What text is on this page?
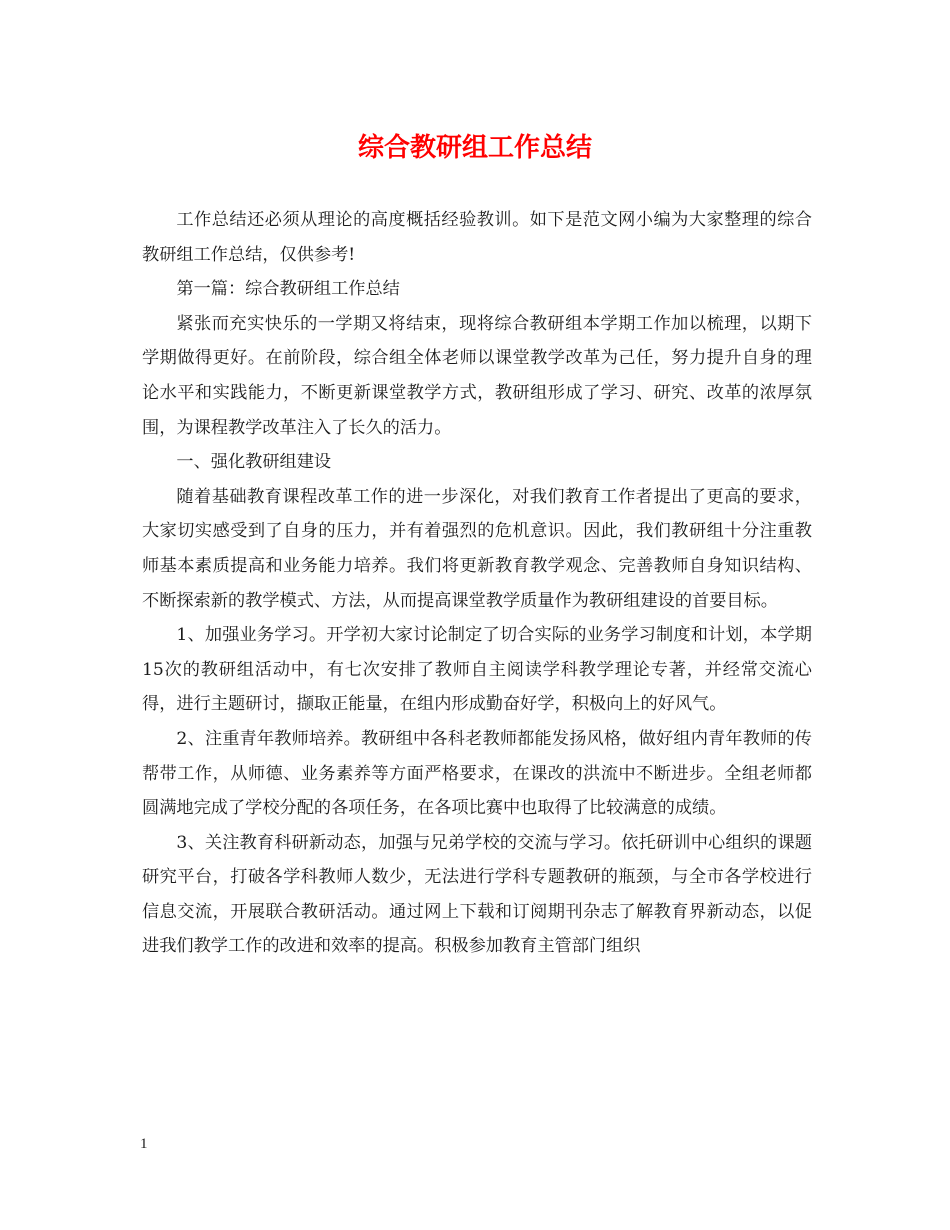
综合教研组工作总结

工作总结还必须从理论的高度概括经验教训。如下是范文网小编为大家整理的综合教研组工作总结，仅供参考!

第一篇：综合教研组工作总结

紧张而充实快乐的一学期又将结束，现将综合教研组本学期工作加以梳理，以期下学期做得更好。在前阶段，综合组全体老师以课堂教学改革为己任，努力提升自身的理论水平和实践能力，不断更新课堂教学方式，教研组形成了学习、研究、改革的浓厚氛围，为课程教学改革注入了长久的活力。

一、强化教研组建设

随着基础教育课程改革工作的进一步深化，对我们教育工作者提出了更高的要求，大家切实感受到了自身的压力，并有着强烈的危机意识。因此，我们教研组十分注重教师基本素质提高和业务能力培养。我们将更新教育教学观念、完善教师自身知识结构、不断探索新的教学模式、方法，从而提高课堂教学质量作为教研组建设的首要目标。

1、加强业务学习。开学初大家讨论制定了切合实际的业务学习制度和计划，本学期15次的教研组活动中，有七次安排了教师自主阅读学科教学理论专著，并经常交流心得，进行主题研讨，撷取正能量，在组内形成勤奋好学，积极向上的好风气。

2、注重青年教师培养。教研组中各科老教师都能发扬风格，做好组内青年教师的传帮带工作，从师德、业务素养等方面严格要求，在课改的洪流中不断进步。全组老师都圆满地完成了学校分配的各项任务，在各项比赛中也取得了比较满意的成绩。

3、关注教育科研新动态，加强与兄弟学校的交流与学习。依托研训中心组织的课题研究平台，打破各学科教师人数少，无法进行学科专题教研的瓶颈，与全市各学校进行信息交流，开展联合教研活动。通过网上下载和订阅期刊杂志了解教育界新动态，以促进我们教学工作的改进和效率的提高。积极参加教育主管部门组织

1
